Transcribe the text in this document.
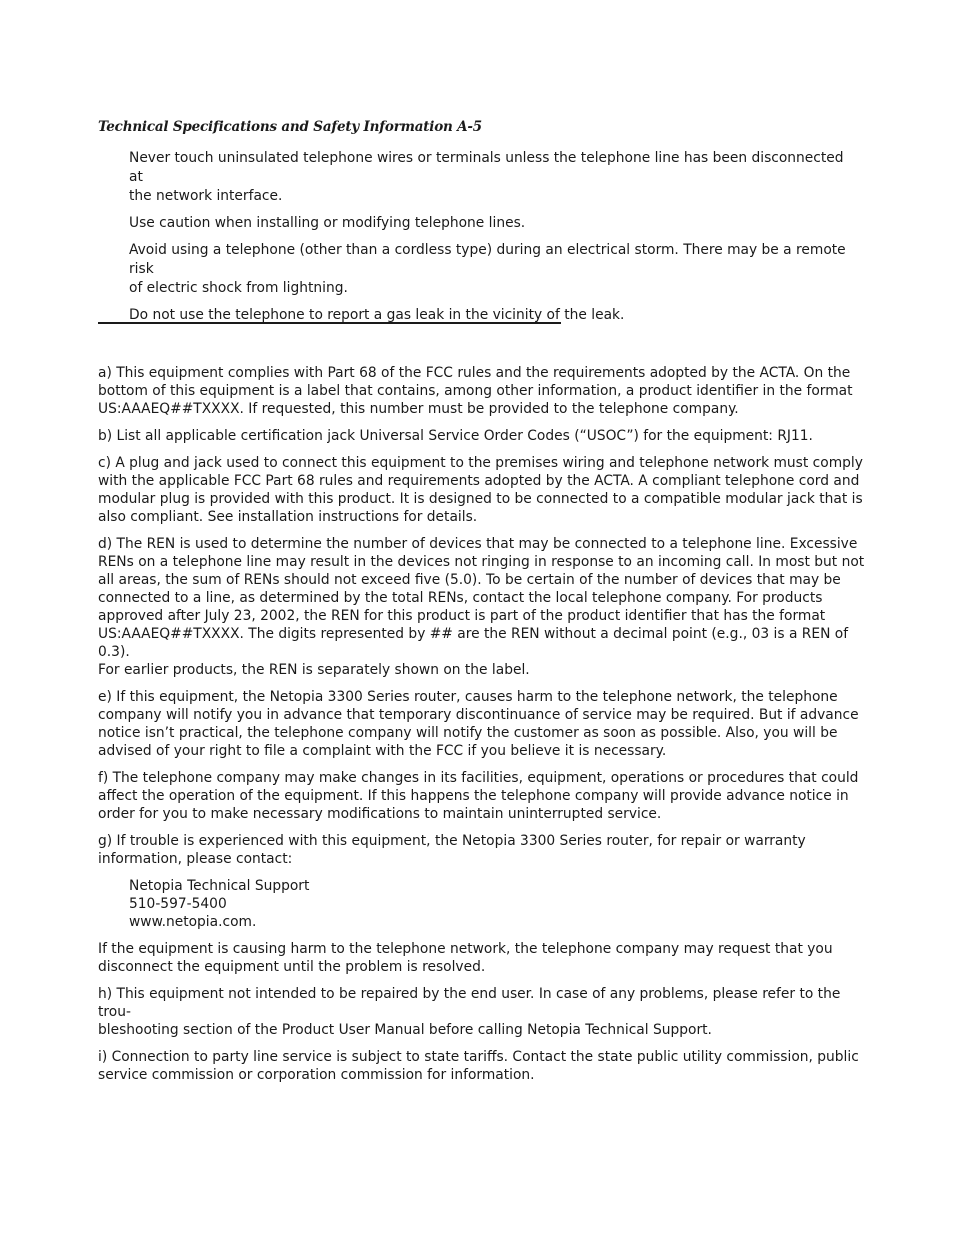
Technical Specifications and Safety Information A-5

Never touch uninsulated telephone wires or terminals unless the telephone line has been disconnected at
the network interface.

Use caution when installing or modifying telephone lines.

Avoid using a telephone (other than a cordless type) during an electrical storm. There may be a remote risk
of electric shock from lightning.

Do not use the telephone to report a gas leak in the vicinity of the leak.

a) This equipment complies with Part 68 of the FCC rules and the requirements adopted by the ACTA. On the
bottom of this equipment is a label that contains, among other information, a product identifier in the format
US:AAAEQ##TXXXX. If requested, this number must be provided to the telephone company.

b) List all applicable certification jack Universal Service Order Codes (“USOC”) for the equipment: RJ11.

c) A plug and jack used to connect this equipment to the premises wiring and telephone network must comply
with the applicable FCC Part 68 rules and requirements adopted by the ACTA. A compliant telephone cord and
modular plug is provided with this product. It is designed to be connected to a compatible modular jack that is
also compliant. See installation instructions for details.

d) The REN is used to determine the number of devices that may be connected to a telephone line. Excessive
RENs on a telephone line may result in the devices not ringing in response to an incoming call. In most but not
all areas, the sum of RENs should not exceed five (5.0). To be certain of the number of devices that may be
connected to a line, as determined by the total RENs, contact the local telephone company. For products
approved after July 23, 2002, the REN for this product is part of the product identifier that has the format
US:AAAEQ##TXXXX. The digits represented by ## are the REN without a decimal point (e.g., 03 is a REN of 0.3).
For earlier products, the REN is separately shown on the label.

e) If this equipment, the Netopia 3300 Series router, causes harm to the telephone network, the telephone
company will notify you in advance that temporary discontinuance of service may be required. But if advance
notice isn’t practical, the telephone company will notify the customer as soon as possible. Also, you will be
advised of your right to file a complaint with the FCC if you believe it is necessary.

f) The telephone company may make changes in its facilities, equipment, operations or procedures that could
affect the operation of the equipment. If this happens the telephone company will provide advance notice in
order for you to make necessary modifications to maintain uninterrupted service.

g) If trouble is experienced with this equipment, the Netopia 3300 Series router, for repair or warranty
information, please contact:

Netopia Technical Support
510-597-5400
www.netopia.com.

If the equipment is causing harm to the telephone network, the telephone company may request that you
disconnect the equipment until the problem is resolved.

h) This equipment not intended to be repaired by the end user. In case of any problems, please refer to the trou-
bleshooting section of the Product User Manual before calling Netopia Technical Support.

i) Connection to party line service is subject to state tariffs. Contact the state public utility commission, public
service commission or corporation commission for information.
